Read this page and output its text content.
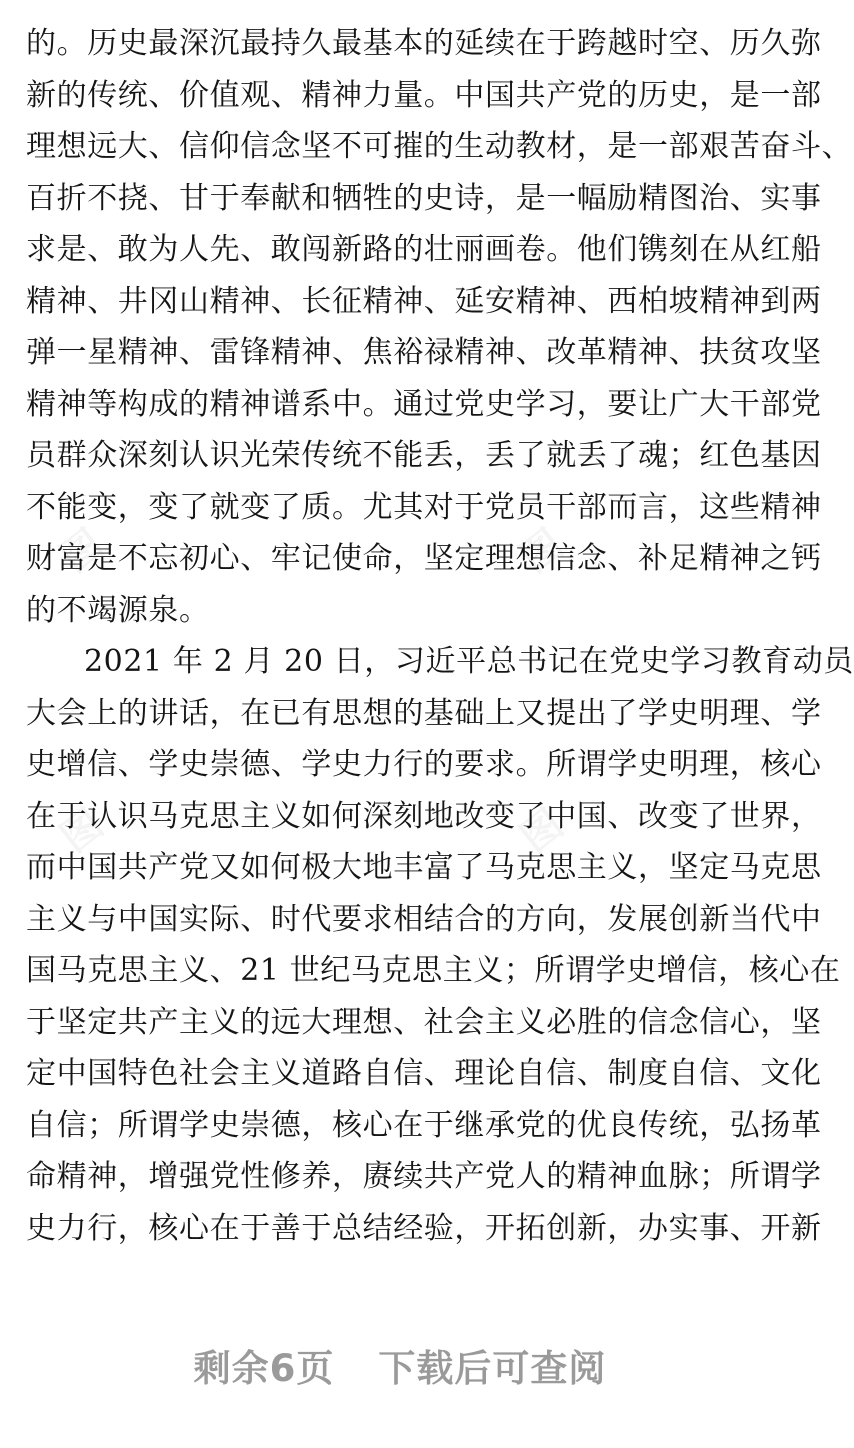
的。历史最深沉最持久最基本的延续在于跨越时空、历久弥
新的传统、价值观、精神力量。中国共产党的历史，是一部
理想远大、信仰信念坚不可摧的生动教材，是一部艰苦奋斗、
百折不挠、甘于奉献和牺牲的史诗，是一幅励精图治、实事
求是、敢为人先、敢闯新路的壮丽画卷。他们镌刻在从红船
精神、井冈山精神、长征精神、延安精神、西柏坡精神到两
弹一星精神、雷锋精神、焦裕禄精神、改革精神、扶贫攻坚
精神等构成的精神谱系中。通过党史学习，要让广大干部党
员群众深刻认识光荣传统不能丢，丢了就丢了魂；红色基因
不能变，变了就变了质。尤其对于党员干部而言，这些精神
财富是不忘初心、牢记使命，坚定理想信念、补足精神之钙
的不竭源泉。
2021 年 2 月 20 日，习近平总书记在党史学习教育动员
大会上的讲话，在已有思想的基础上又提出了学史明理、学
史增信、学史崇德、学史力行的要求。所谓学史明理，核心
在于认识马克思主义如何深刻地改变了中国、改变了世界，
而中国共产党又如何极大地丰富了马克思主义，坚定马克思
主义与中国实际、时代要求相结合的方向，发展创新当代中
国马克思主义、21 世纪马克思主义；所谓学史增信，核心在
于坚定共产主义的远大理想、社会主义必胜的信念信心，坚
定中国特色社会主义道路自信、理论自信、制度自信、文化
自信；所谓学史崇德，核心在于继承党的优良传统，弘扬革
命精神，增强党性修养，赓续共产党人的精神血脉；所谓学
史力行，核心在于善于总结经验，开拓创新，办实事、开新
剩余6页 下载后可查阅
